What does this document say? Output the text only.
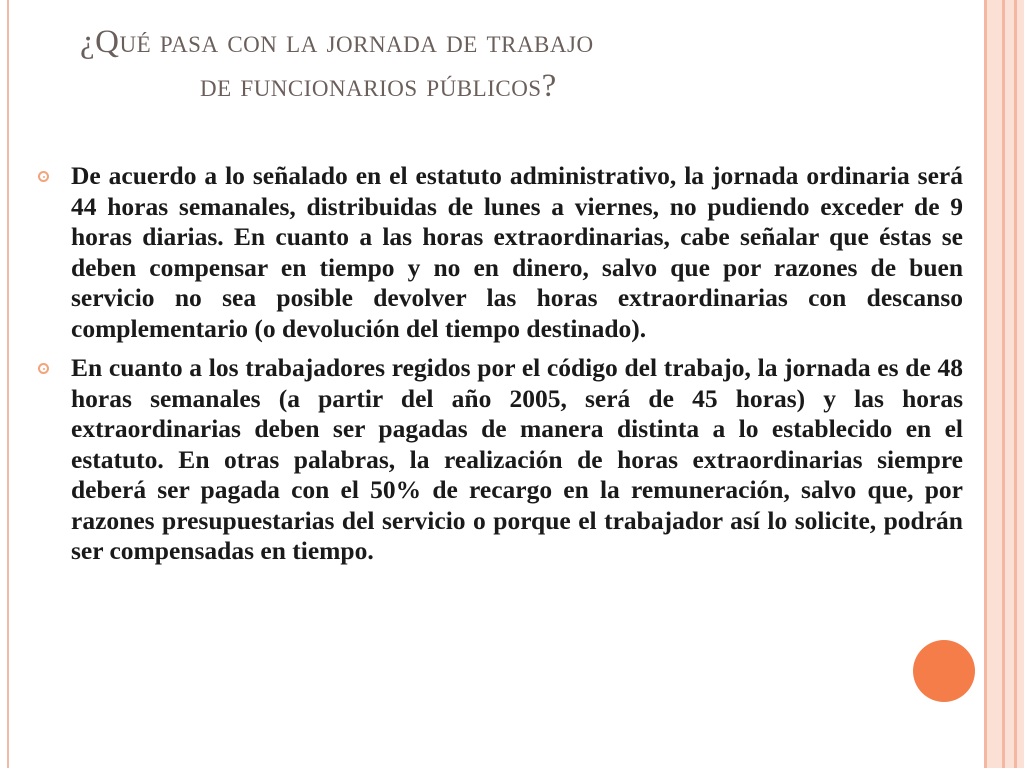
¿Qué pasa con la jornada de trabajo
de funcionarios públicos?
De acuerdo a lo señalado en el estatuto administrativo, la jornada ordinaria será 44 horas semanales, distribuidas de lunes a viernes, no pudiendo exceder de 9 horas diarias. En cuanto a las horas extraordinarias, cabe señalar que éstas se deben compensar en tiempo y no en dinero, salvo que por razones de buen servicio no sea posible devolver las horas extraordinarias con descanso complementario (o devolución del tiempo destinado).
En cuanto a los trabajadores regidos por el código del trabajo, la jornada es de 48 horas semanales (a partir del año 2005, será de 45 horas) y las horas extraordinarias deben ser pagadas de manera distinta a lo establecido en el estatuto. En otras palabras, la realización de horas extraordinarias siempre deberá ser pagada con el 50% de recargo en la remuneración, salvo que, por razones presupuestarias del servicio o porque el trabajador así lo solicite, podrán ser compensadas en tiempo.
